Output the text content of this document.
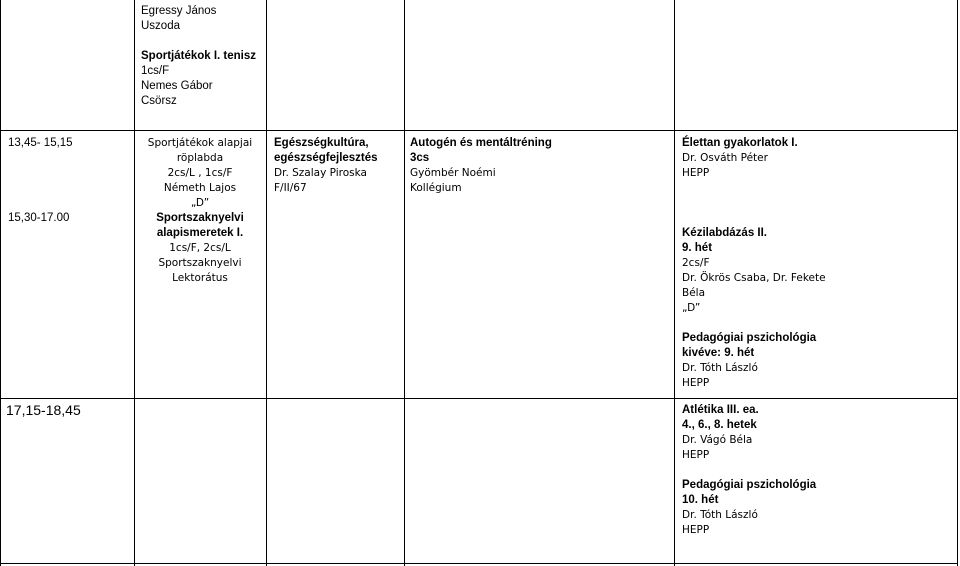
Egressy János
Uszoda
Sportjátékok I. tenisz
1cs/F
Nemes Gábor
Csörsz
13,45- 15,15
15,30-17.00
Sportjátékok alapjai
röplabda
2cs/L , 1cs/F
Németh Lajos
„D”
Sportszaknyelvi
alapismeretek I.
1cs/F, 2cs/L
Sportszaknyelvi
Lektorátus
Egészségkultúra,
egészségfejlesztés
Dr. Szalay Piroska
F/II/67
Autogén és mentáltréning
3cs
Gyömbér Noémi
Kollégium
Élettan gyakorlatok I.
Dr. Osváth Péter
HEPP
Kézilabdázás II.
9. hét
2cs/F
Dr. Ökrös Csaba, Dr. Fekete
Béla
„D”
Pedagógiai pszichológia
kivéve: 9. hét
Dr. Tóth László
HEPP
17,15-18,45	Atlétika III. ea.
4., 6., 8. hetek
Dr. Vágó Béla
HEPP
Pedagógiai pszichológia
10. hét
Dr. Tóth László
HEPP
